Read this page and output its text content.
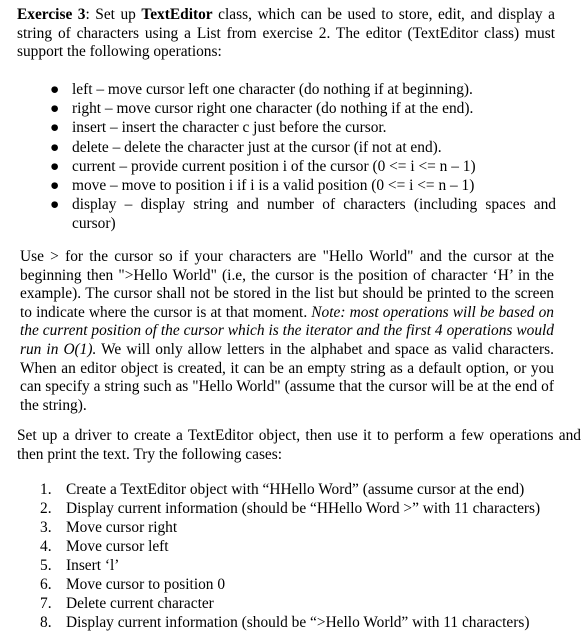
Exercise 3: Set up TextEditor class, which can be used to store, edit, and display a string of characters using a List from exercise 2. The editor (TextEditor class) must support the following operations:

● left – move cursor left one character (do nothing if at beginning).
● right – move cursor right one character (do nothing if at the end).
● insert – insert the character c just before the cursor.
● delete – delete the character just at the cursor (if not at end).
● current – provide current position i of the cursor (0 <= i <= n – 1)
● move – move to position i if i is a valid position (0 <= i <= n – 1)
● display – display string and number of characters (including spaces and cursor)

Use > for the cursor so if your characters are "Hello World" and the cursor at the beginning then ">Hello World" (i.e, the cursor is the position of character ‘H’ in the example). The cursor shall not be stored in the list but should be printed to the screen to indicate where the cursor is at that moment. Note: most operations will be based on the current position of the cursor which is the iterator and the first 4 operations would run in O(1). We will only allow letters in the alphabet and space as valid characters. When an editor object is created, it can be an empty string as a default option, or you can specify a string such as "Hello World" (assume that the cursor will be at the end of the string).

Set up a driver to create a TextEditor object, then use it to perform a few operations and then print the text. Try the following cases:

1. Create a TextEditor object with “HHello Word” (assume cursor at the end)
2. Display current information (should be “HHello Word >” with 11 characters)
3. Move cursor right
4. Move cursor left
5. Insert ‘l’
6. Move cursor to position 0
7. Delete current character
8. Display current information (should be “>Hello World” with 11 characters)
